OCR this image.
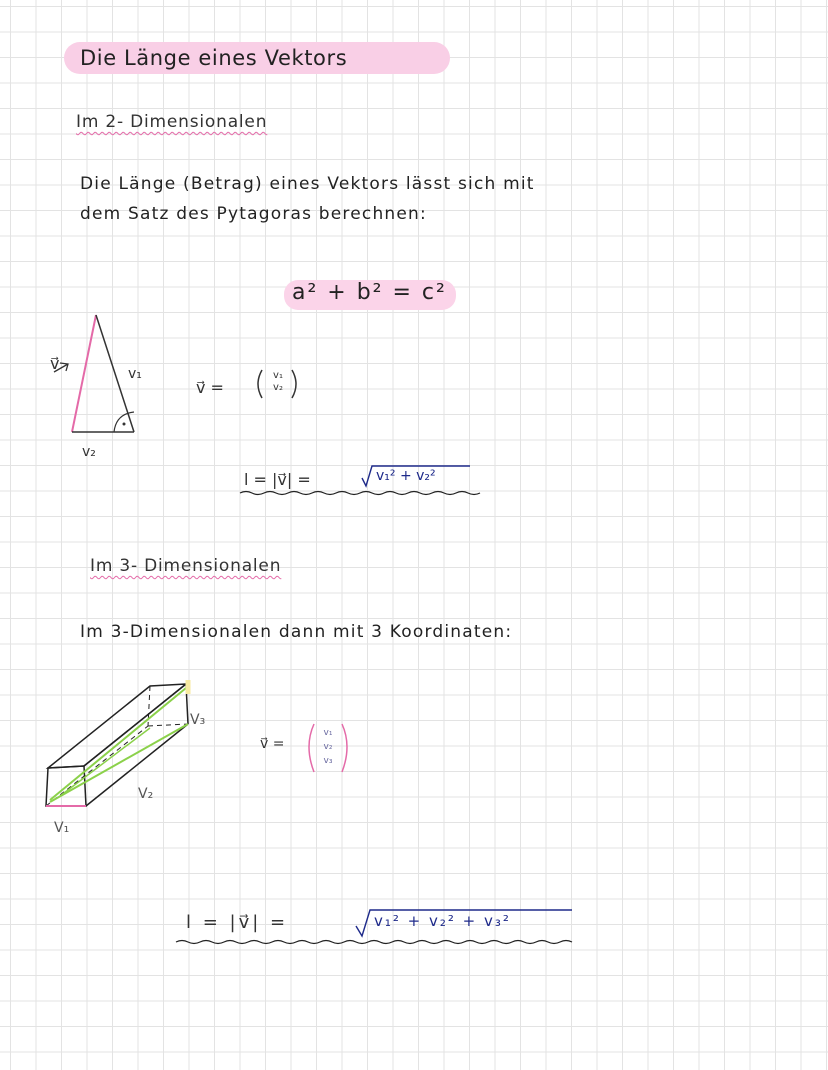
Die Länge eines Vektors
Im 2- Dimensionalen
Die Länge (Betrag) eines Vektors lässt sich mit
dem Satz des Pytagoras berechnen:
a² + b² = c²
v⃗
v₁
v₂
v⃗ =
v₁
v₂
l = |v⃗| =	v₁² + v₂²
Im 3- Dimensionalen
Im 3-Dimensionalen dann mit 3 Koordinaten:
V₃
V₂
V₁
v⃗ =
v₁
v₂
v₃
l = |v⃗| =	v₁² + v₂² + v₃²
